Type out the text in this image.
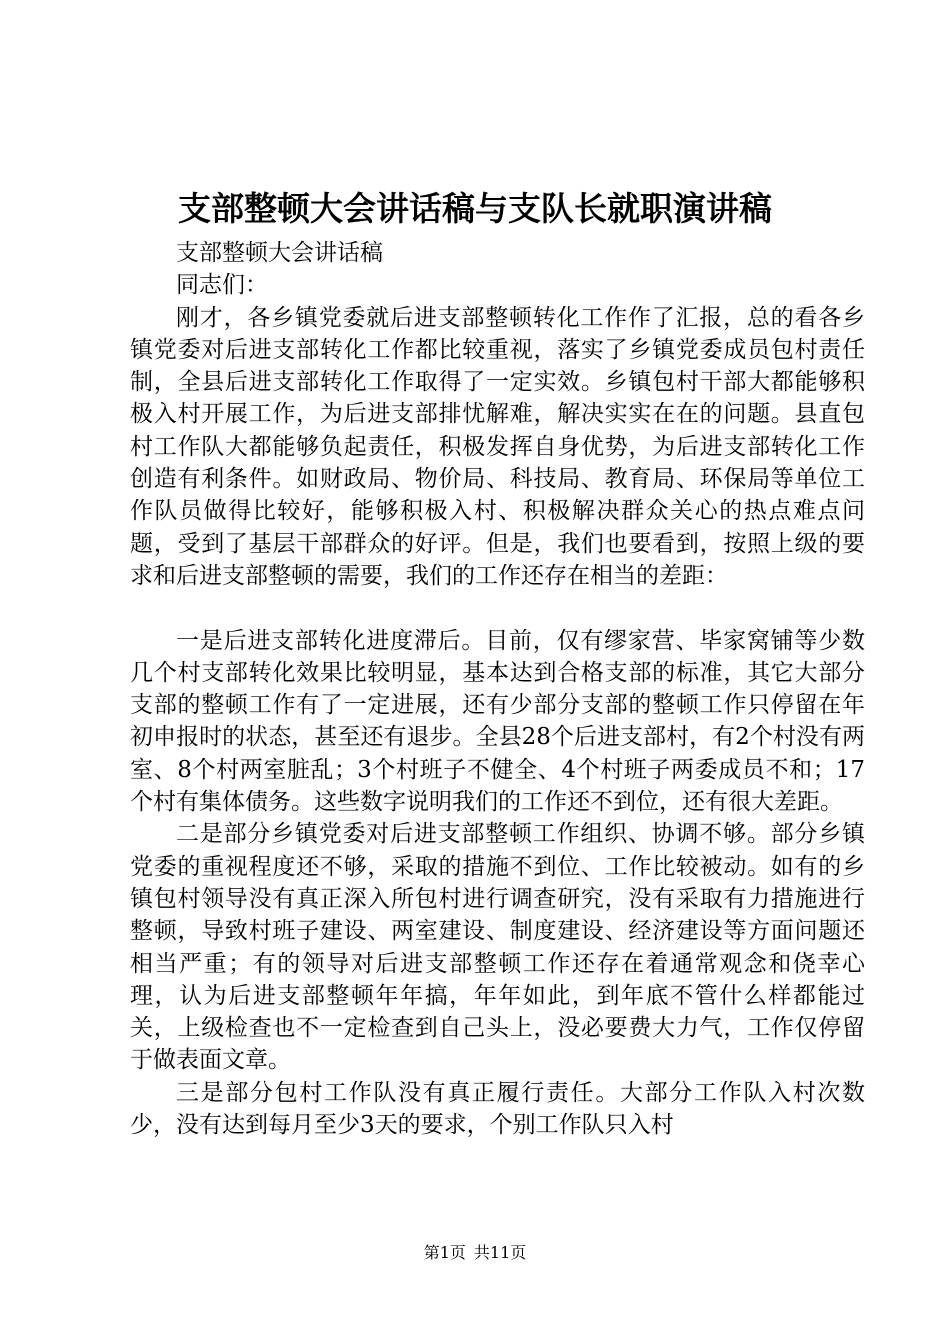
支部整顿大会讲话稿与支队长就职演讲稿

支部整顿大会讲话稿

同志们：

刚才，各乡镇党委就后进支部整顿转化工作作了汇报，总的看各乡镇党委对后进支部转化工作都比较重视，落实了乡镇党委成员包村责任制，全县后进支部转化工作取得了一定实效。乡镇包村干部大都能够积极入村开展工作，为后进支部排忧解难，解决实实在在的问题。县直包村工作队大都能够负起责任，积极发挥自身优势，为后进支部转化工作创造有利条件。如财政局、物价局、科技局、教育局、环保局等单位工作队员做得比较好，能够积极入村、积极解决群众关心的热点难点问题，受到了基层干部群众的好评。但是，我们也要看到，按照上级的要求和后进支部整顿的需要，我们的工作还存在相当的差距：

一是后进支部转化进度滞后。目前，仅有缪家营、毕家窝铺等少数几个村支部转化效果比较明显，基本达到合格支部的标准，其它大部分支部的整顿工作有了一定进展，还有少部分支部的整顿工作只停留在年初申报时的状态，甚至还有退步。全县28个后进支部村，有2个村没有两室、8个村两室脏乱；3个村班子不健全、4个村班子两委成员不和；17个村有集体债务。这些数字说明我们的工作还不到位，还有很大差距。

二是部分乡镇党委对后进支部整顿工作组织、协调不够。部分乡镇党委的重视程度还不够，采取的措施不到位、工作比较被动。如有的乡镇包村领导没有真正深入所包村进行调查研究，没有采取有力措施进行整顿，导致村班子建设、两室建设、制度建设、经济建设等方面问题还相当严重；有的领导对后进支部整顿工作还存在着通常观念和侥幸心理，认为后进支部整顿年年搞，年年如此，到年底不管什么样都能过关，上级检查也不一定检查到自己头上，没必要费大力气，工作仅停留于做表面文章。

三是部分包村工作队没有真正履行责任。大部分工作队入村次数少，没有达到每月至少3天的要求，个别工作队只入村

第1页 共11页
